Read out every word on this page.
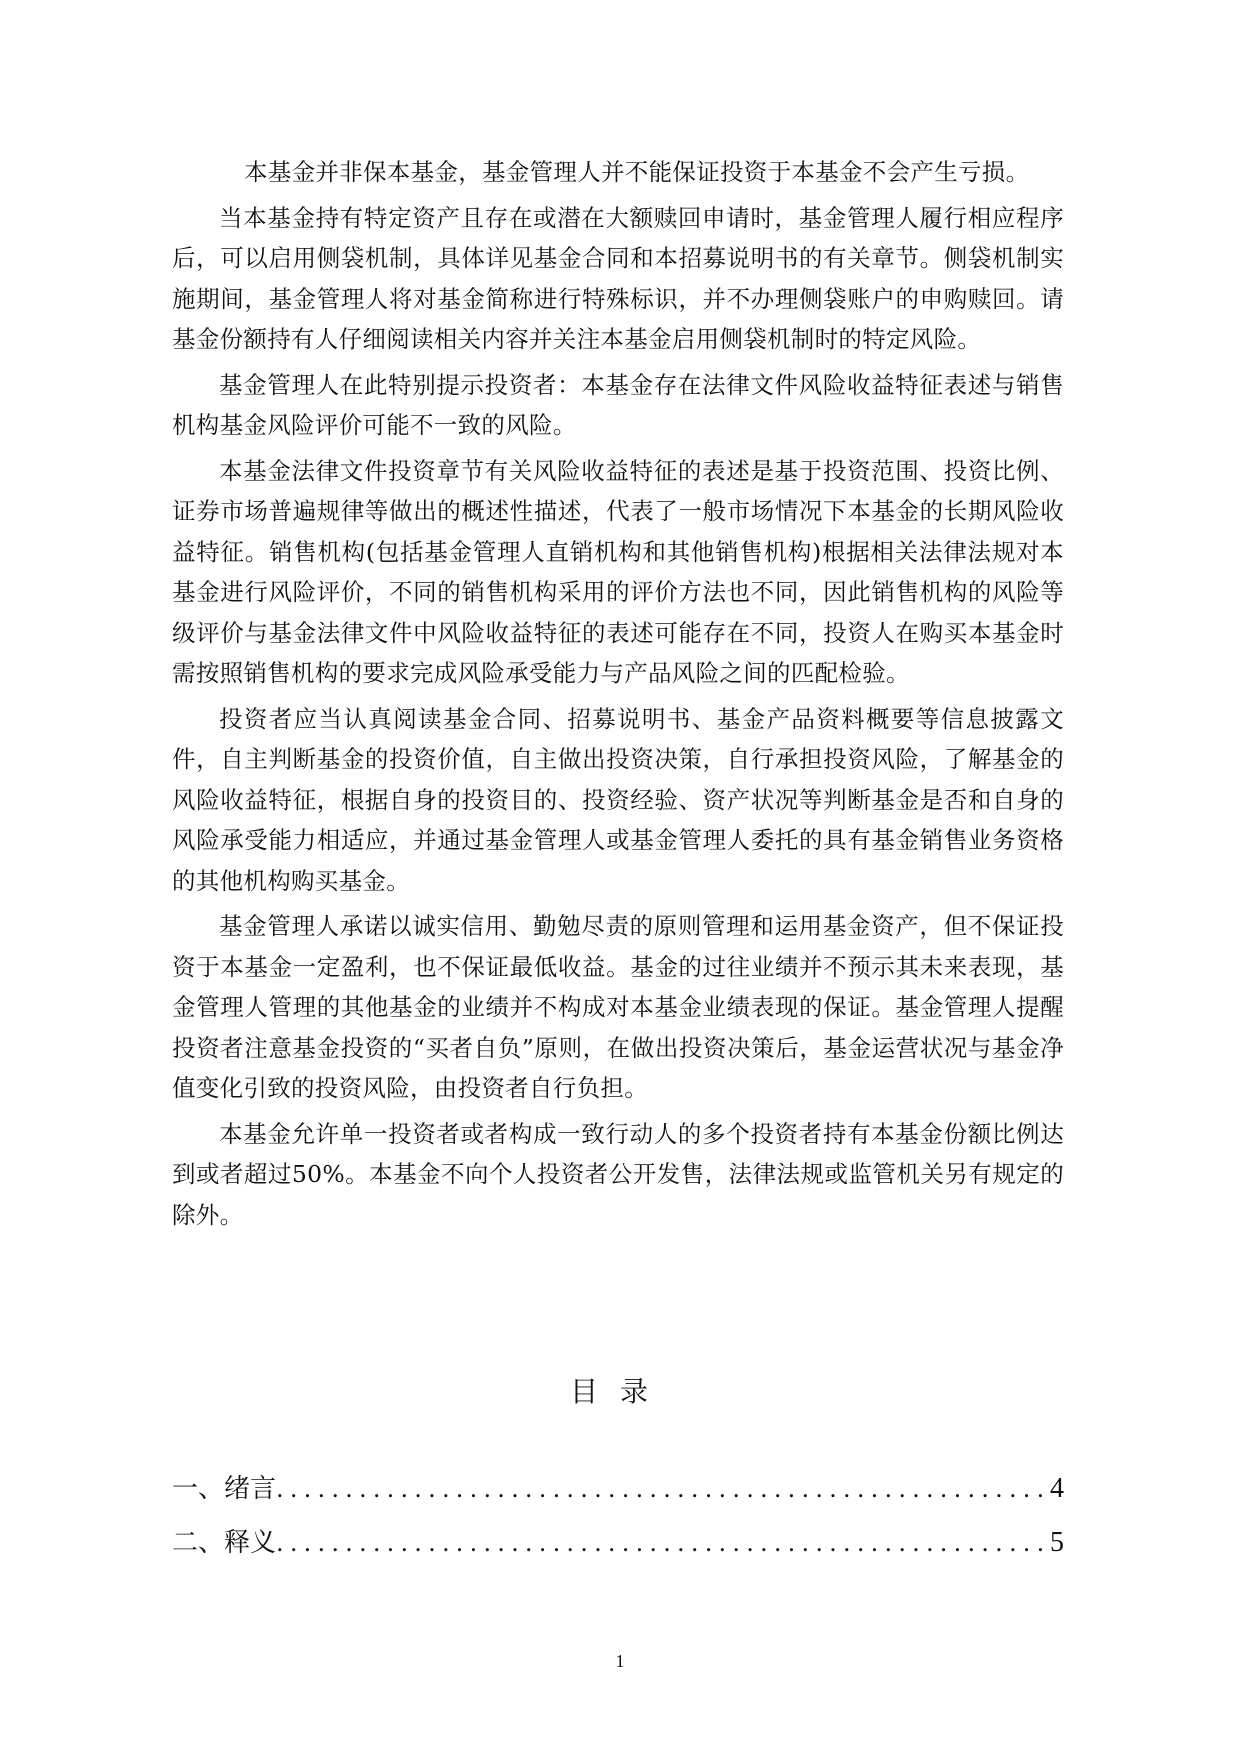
本基金并非保本基金，基金管理人并不能保证投资于本基金不会产生亏损。

当本基金持有特定资产且存在或潜在大额赎回申请时，基金管理人履行相应程序后，可以启用侧袋机制，具体详见基金合同和本招募说明书的有关章节。侧袋机制实施期间，基金管理人将对基金简称进行特殊标识，并不办理侧袋账户的申购赎回。请基金份额持有人仔细阅读相关内容并关注本基金启用侧袋机制时的特定风险。

基金管理人在此特别提示投资者：本基金存在法律文件风险收益特征表述与销售机构基金风险评价可能不一致的风险。

本基金法律文件投资章节有关风险收益特征的表述是基于投资范围、投资比例、证券市场普遍规律等做出的概述性描述，代表了一般市场情况下本基金的长期风险收益特征。销售机构(包括基金管理人直销机构和其他销售机构)根据相关法律法规对本基金进行风险评价，不同的销售机构采用的评价方法也不同，因此销售机构的风险等级评价与基金法律文件中风险收益特征的表述可能存在不同，投资人在购买本基金时需按照销售机构的要求完成风险承受能力与产品风险之间的匹配检验。

投资者应当认真阅读基金合同、招募说明书、基金产品资料概要等信息披露文件，自主判断基金的投资价值，自主做出投资决策，自行承担投资风险，了解基金的风险收益特征，根据自身的投资目的、投资经验、资产状况等判断基金是否和自身的风险承受能力相适应，并通过基金管理人或基金管理人委托的具有基金销售业务资格的其他机构购买基金。

基金管理人承诺以诚实信用、勤勉尽责的原则管理和运用基金资产，但不保证投资于本基金一定盈利，也不保证最低收益。基金的过往业绩并不预示其未来表现，基金管理人管理的其他基金的业绩并不构成对本基金业绩表现的保证。基金管理人提醒投资者注意基金投资的“买者自负”原则，在做出投资决策后，基金运营状况与基金净值变化引致的投资风险，由投资者自行负担。

本基金允许单一投资者或者构成一致行动人的多个投资者持有本基金份额比例达到或者超过50%。本基金不向个人投资者公开发售，法律法规或监管机关另有规定的除外。

目录
一、绪言 .....	4
二、释义 .....	5
1
